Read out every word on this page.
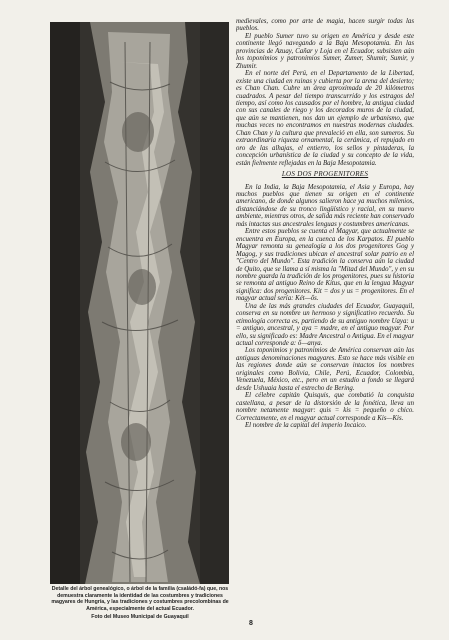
Detalle del árbol genealógico, o árbol de la familia (családó-fa) que, nos demuestra claramente la identidad de las costumbres y tradiciones magyares de Hungría, y las tradiciones y costumbres precolombinas de América, especialmente del actual Ecuador.
Foto del Museo Municipal de Guayaquil

medievales, como por arte de magia, hacen surgir todas las pueblos.

El pueblo Sumer tuvo su origen en América y desde este continente llegó navegando a la Baja Mesopotamia. En las provincias de Azuay, Cañar y Loja en el Ecuador, subsisten aún los toponímios y patronimios Sumer, Zumer, Shumir, Sumir, y Zhumir.

En el norte del Perú, en el Departamento de la Libertad, existe una ciudad en ruinas y cubierta por la arena del desierto; es Chan Chan. Cubre un área aproximada de 20 kilómetros cuadrados. A pesar del tiempo transcurrido y los estragos del tiempo, así como los causados por el hombre, la antigua ciudad con sus canales de riego y los decorados muros de la ciudad, que aún se mantienen, nos dan un ejemplo de urbanismo, que muchas veces no encontramos en nuestras modernas ciudades. Chan Chan y la cultura que prevaleció en ella, son sumeros. Su extraordinaria riqueza ornamental, la cerámica, el repujado en oro de las alhajas, el entierro, los sellos y pintaderas, la concepción urbanística de la ciudad y su concepto de la vida, están fielmente reflejadas en la Baja Mesopotamia.

LOS DOS PROGENITORES

En la India, la Baja Mesopotamia, el Asia y Europa, hay muchos pueblos que tienen su origen en el continente americano, de donde algunos salieron hace ya muchos milenios, distanciándose de su tronco lingüístico y racial, en su nuevo ambiente, mientras otros, de salida más reciente han conservado más intactas sus ancestrales lenguas y costumbres americanas.

Entre estos pueblos se cuenta el Magyar, que actualmente se encuentra en Europa, en la cuenca de los Karpatos. El pueblo Magyar remonta su genealogía a los dos progenitores Gog y Magog, y sus tradiciones ubican el ancestral solar patrio en el "Centro del Mundo". Esta tradición la conserva aún la ciudad de Quito, que se llama a sí misma la "Mitad del Mundo", y en su nombre guarda la tradición de los progenitores, pues su historia se remonta al antiguo Reino de Kitus, que en la lengua Magyar significa: dos progenitores. Kit = dos y us = progenitores. En el magyar actual sería: Két—ős.

Una de las más grandes ciudades del Ecuador, Guayaquil, conserva en su nombre un hermoso y significativo recuerdo. Su etimología correcta es, partiendo de su antiguo nombre Uaya: u = antiguo, ancestral, y aya = madre, en el antiguo magyar. Por ello, su significado es: Madre Ancestral o Antigua. En el magyar actual corresponde a: ő—anya.

Los toponimios y patronimios de América conservan aún las antiguas denominaciones magyares. Esto se hace más visible en las regiones donde aún se conservan intactos los nombres originales como Bolivia, Chile, Perú, Ecuador, Colombia, Venezuela, México, etc., pero en un estudio a fondo se llegará desde Ushuaia hasta el estrecho de Bering.

El célebre capitán Quisquis, que combatió la conquista castellana, a pesar de la distorsión de la fonética, lleva un nombre netamente magyar: quis = kis = pequeño o chico. Correctamente, en el magyar actual corresponde a Kis—Kis.

El nombre de la capital del imperio Incaico.

8
